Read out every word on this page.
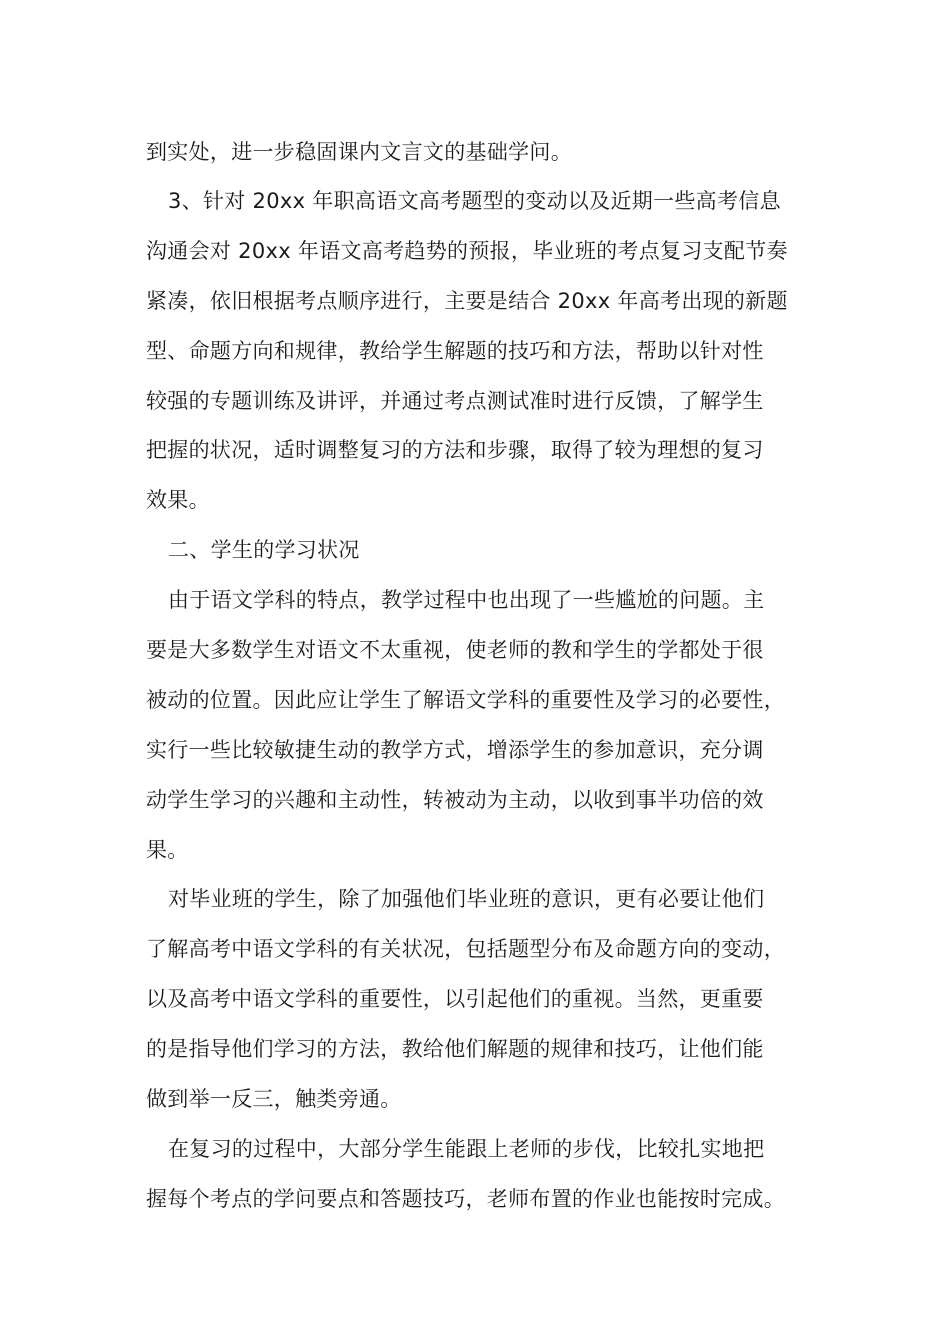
到实处，进一步稳固课内文言文的基础学问。

3、针对 20xx 年职高语文高考题型的变动以及近期一些高考信息

沟通会对 20xx 年语文高考趋势的预报，毕业班的考点复习支配节奏

紧凑，依旧根据考点顺序进行，主要是结合 20xx 年高考出现的新题

型、命题方向和规律，教给学生解题的技巧和方法，帮助以针对性

较强的专题训练及讲评，并通过考点测试准时进行反馈，了解学生

把握的状况，适时调整复习的方法和步骤，取得了较为理想的复习

效果。

二、学生的学习状况

由于语文学科的特点，教学过程中也出现了一些尴尬的问题。主

要是大多数学生对语文不太重视，使老师的教和学生的学都处于很

被动的位置。因此应让学生了解语文学科的重要性及学习的必要性，

实行一些比较敏捷生动的教学方式，增添学生的参加意识，充分调

动学生学习的兴趣和主动性，转被动为主动，以收到事半功倍的效

果。

对毕业班的学生，除了加强他们毕业班的意识，更有必要让他们

了解高考中语文学科的有关状况，包括题型分布及命题方向的变动，

以及高考中语文学科的重要性，以引起他们的重视。当然，更重要

的是指导他们学习的方法，教给他们解题的规律和技巧，让他们能

做到举一反三，触类旁通。

在复习的过程中，大部分学生能跟上老师的步伐，比较扎实地把

握每个考点的学问要点和答题技巧，老师布置的作业也能按时完成。
